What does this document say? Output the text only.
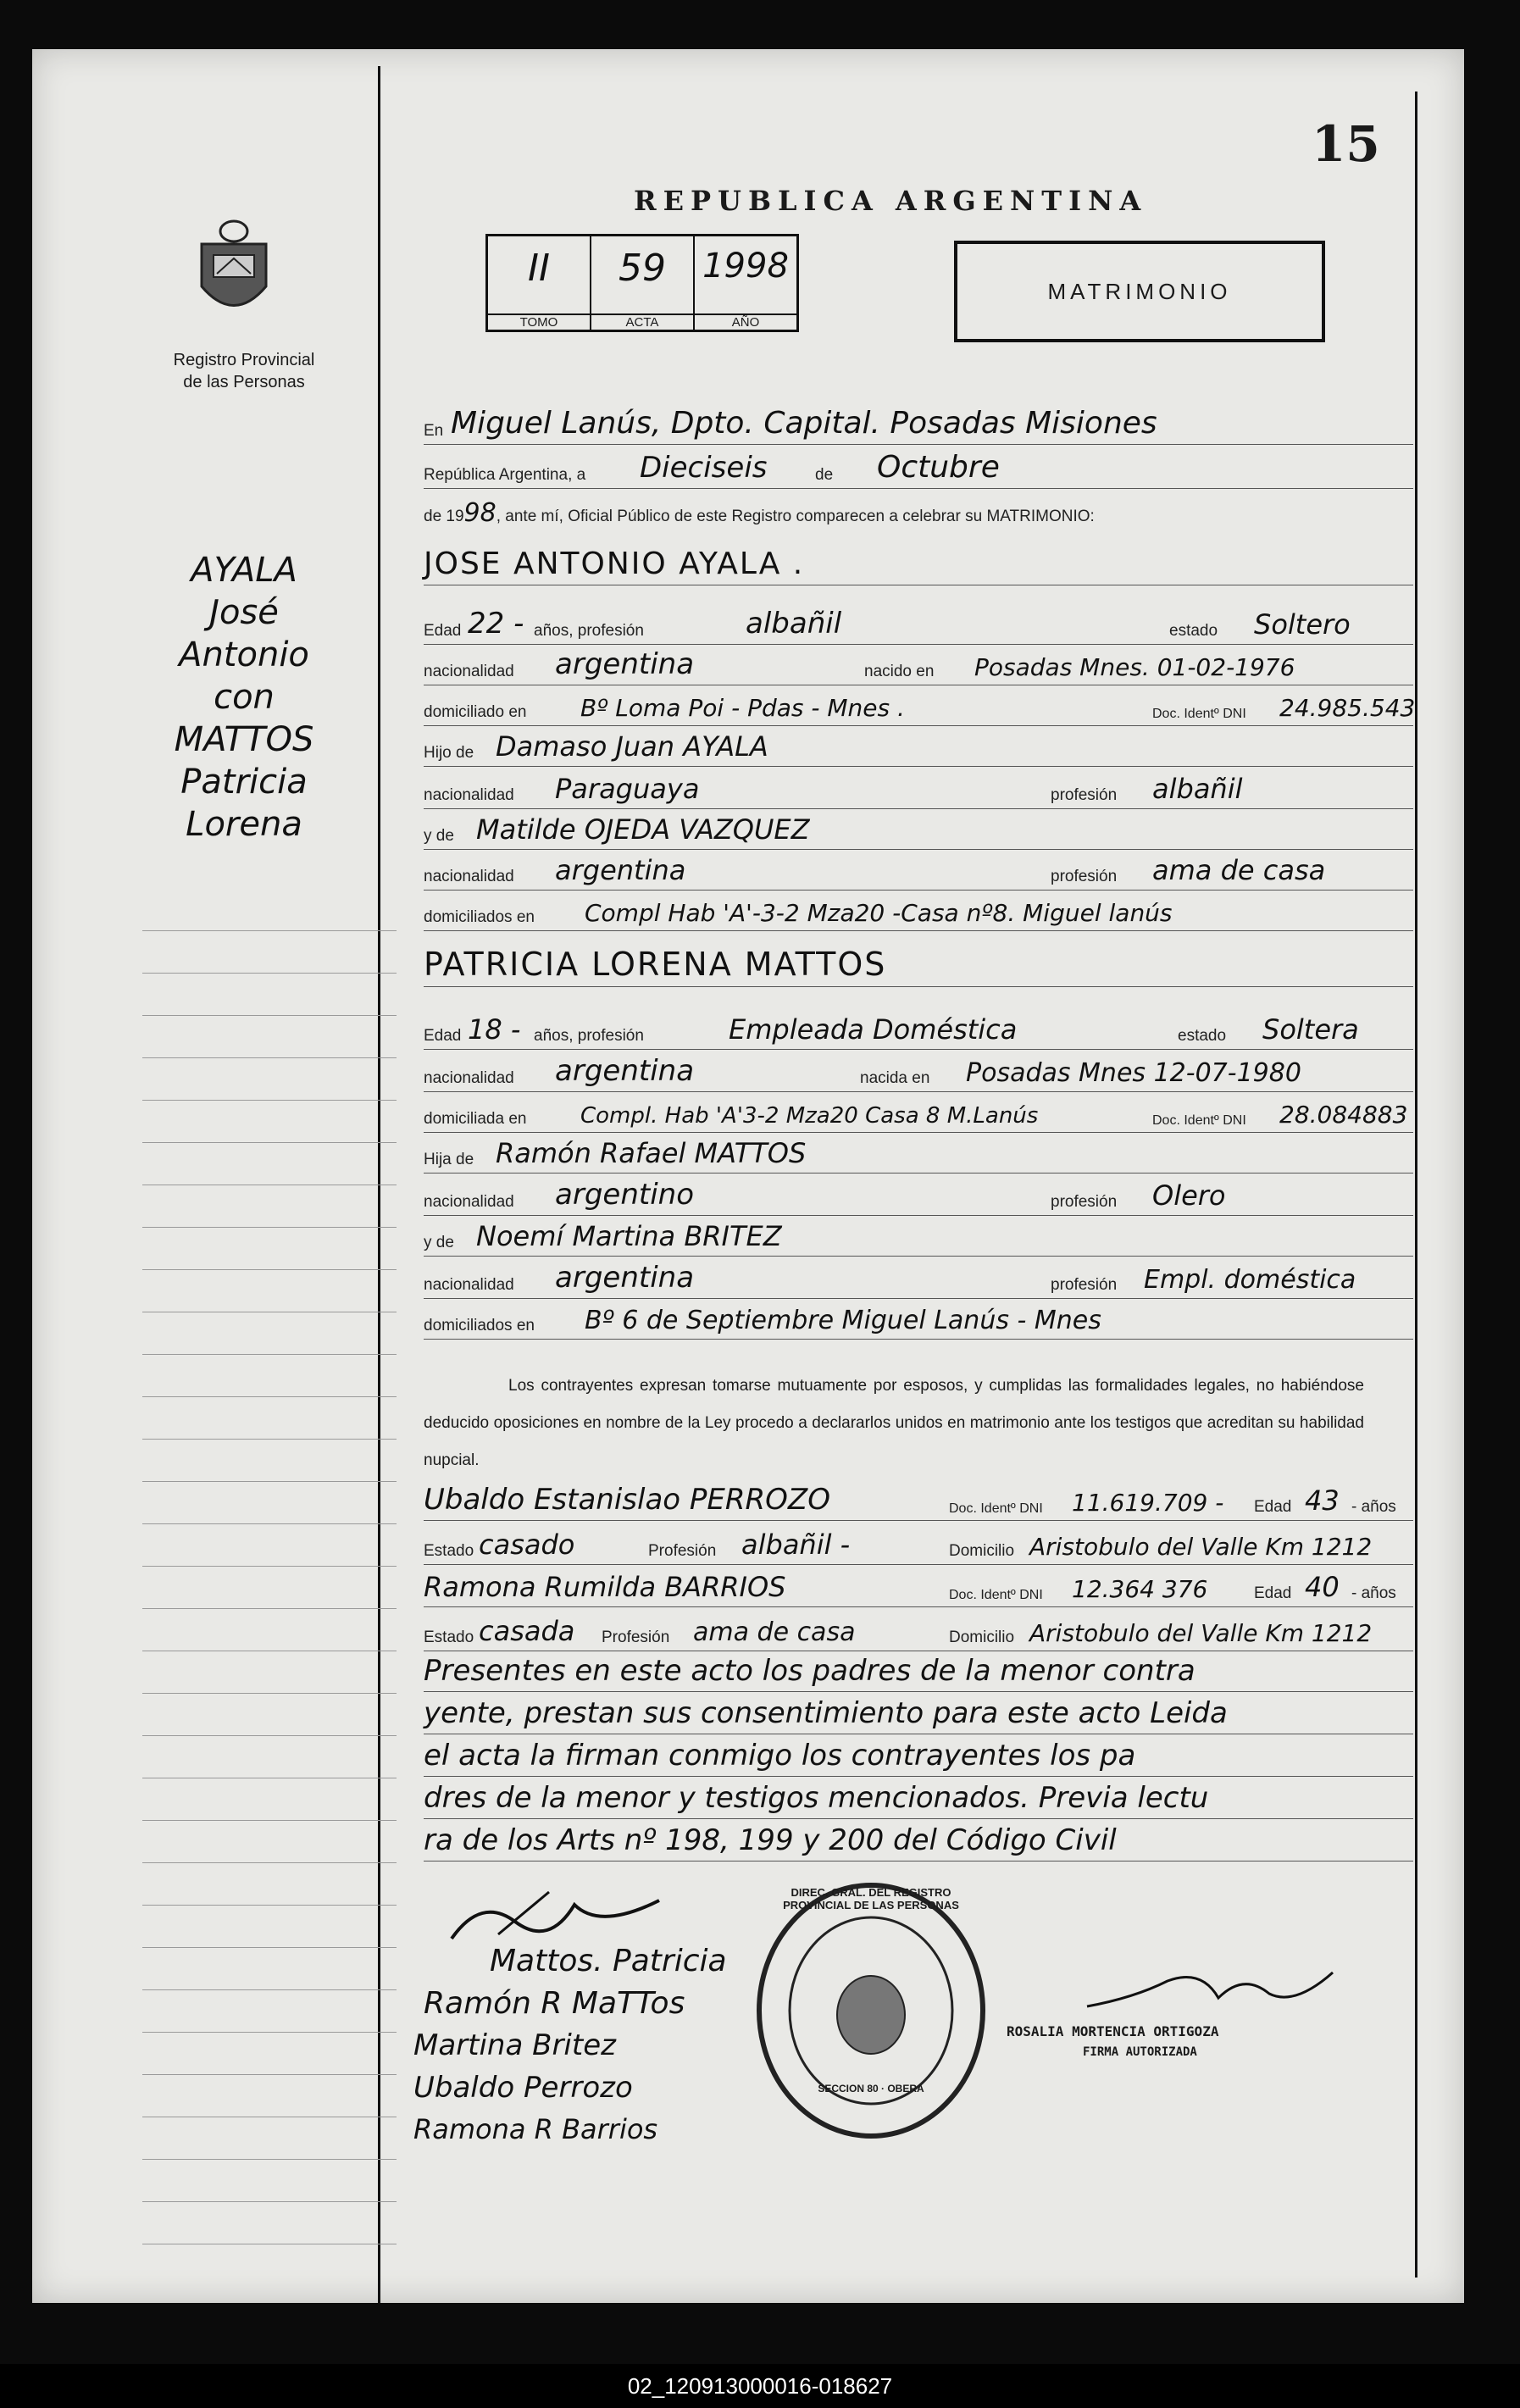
15
REPUBLICA ARGENTINA
Registro Provincial
de las Personas
II
TOMO
59
ACTA
1998
AÑO
MATRIMONIO
AYALA
José
Antonio
con
MATTOS
Patricia
Lorena
En Miguel Lanús, Dpto. Capital. Posadas Misiones
República Argentina, a Dieciseis	de Octubre
de 1998, ante mí, Oficial Público de este Registro comparecen a celebrar su MATRIMONIO:
JOSE ANTONIO AYALA .
Edad 22 - años, profesión	albañil	estado Soltero
nacionalidad argentina	nacido en Posadas Mnes. 01-02-1976
domiciliado en Bº Loma Poi - Pdas - Mnes .	Doc. Identº DNI 24.985.543
Hijo de Damaso Juan AYALA
nacionalidad Paraguaya	profesión albañil
y de Matilde OJEDA VAZQUEZ
nacionalidad argentina	profesión ama de casa
domiciliados en Compl Hab 'A'-3-2 Mza20 -Casa nº8. Miguel lanús
PATRICIA LORENA MATTOS
Edad 18 - años, profesión	Empleada Doméstica	estado Soltera
nacionalidad argentina	nacida en Posadas Mnes 12-07-1980
domiciliada en Compl. Hab 'A'3-2 Mza20 Casa 8 M.Lanús	Doc. Identº DNI 28.084883
Hija de Ramón Rafael MATTOS
nacionalidad argentino	profesión Olero
y de Noemí Martina BRITEZ
nacionalidad argentina	profesión Empl. doméstica
domiciliados en Bº 6 de Septiembre Miguel Lanús - Mnes
Los contrayentes expresan tomarse mutuamente por esposos, y cumplidas las formalidades legales, no habiéndose deducido oposiciones en nombre de la Ley procedo a declararlos unidos en matrimonio ante los testigos que acreditan su habilidad nupcial.
Ubaldo Estanislao PERROZO	Doc. Identº DNI 11.619.709 - Edad 43 - años
Estado casado	Profesión albañil -	Domicilio Aristobulo del Valle Km 1212
Ramona Rumilda BARRIOS	Doc. Identº DNI 12.364 376	Edad 40 - años
Estado casada Profesión ama de casa	Domicilio Aristobulo del Valle Km 1212
Presentes en este acto los padres de la menor contra
yente, prestan sus consentimiento para este acto Leida
el acta la firman conmigo los contrayentes los pa
dres de la menor y testigos mencionados. Previa lectu
ra de los Arts nº 198, 199 y 200 del Código Civil
Mattos. Patricia
Ramón R MaTTos
Martina Britez
Ubaldo Perrozo
Ramona R Barrios
DIREC. GRAL. DEL REGISTRO PROVINCIAL DE LAS PERSONAS
SECCION 80 · OBERA
ROSALIA MORTENCIA ORTIGOZA
FIRMA AUTORIZADA
02_120913000016-018627
